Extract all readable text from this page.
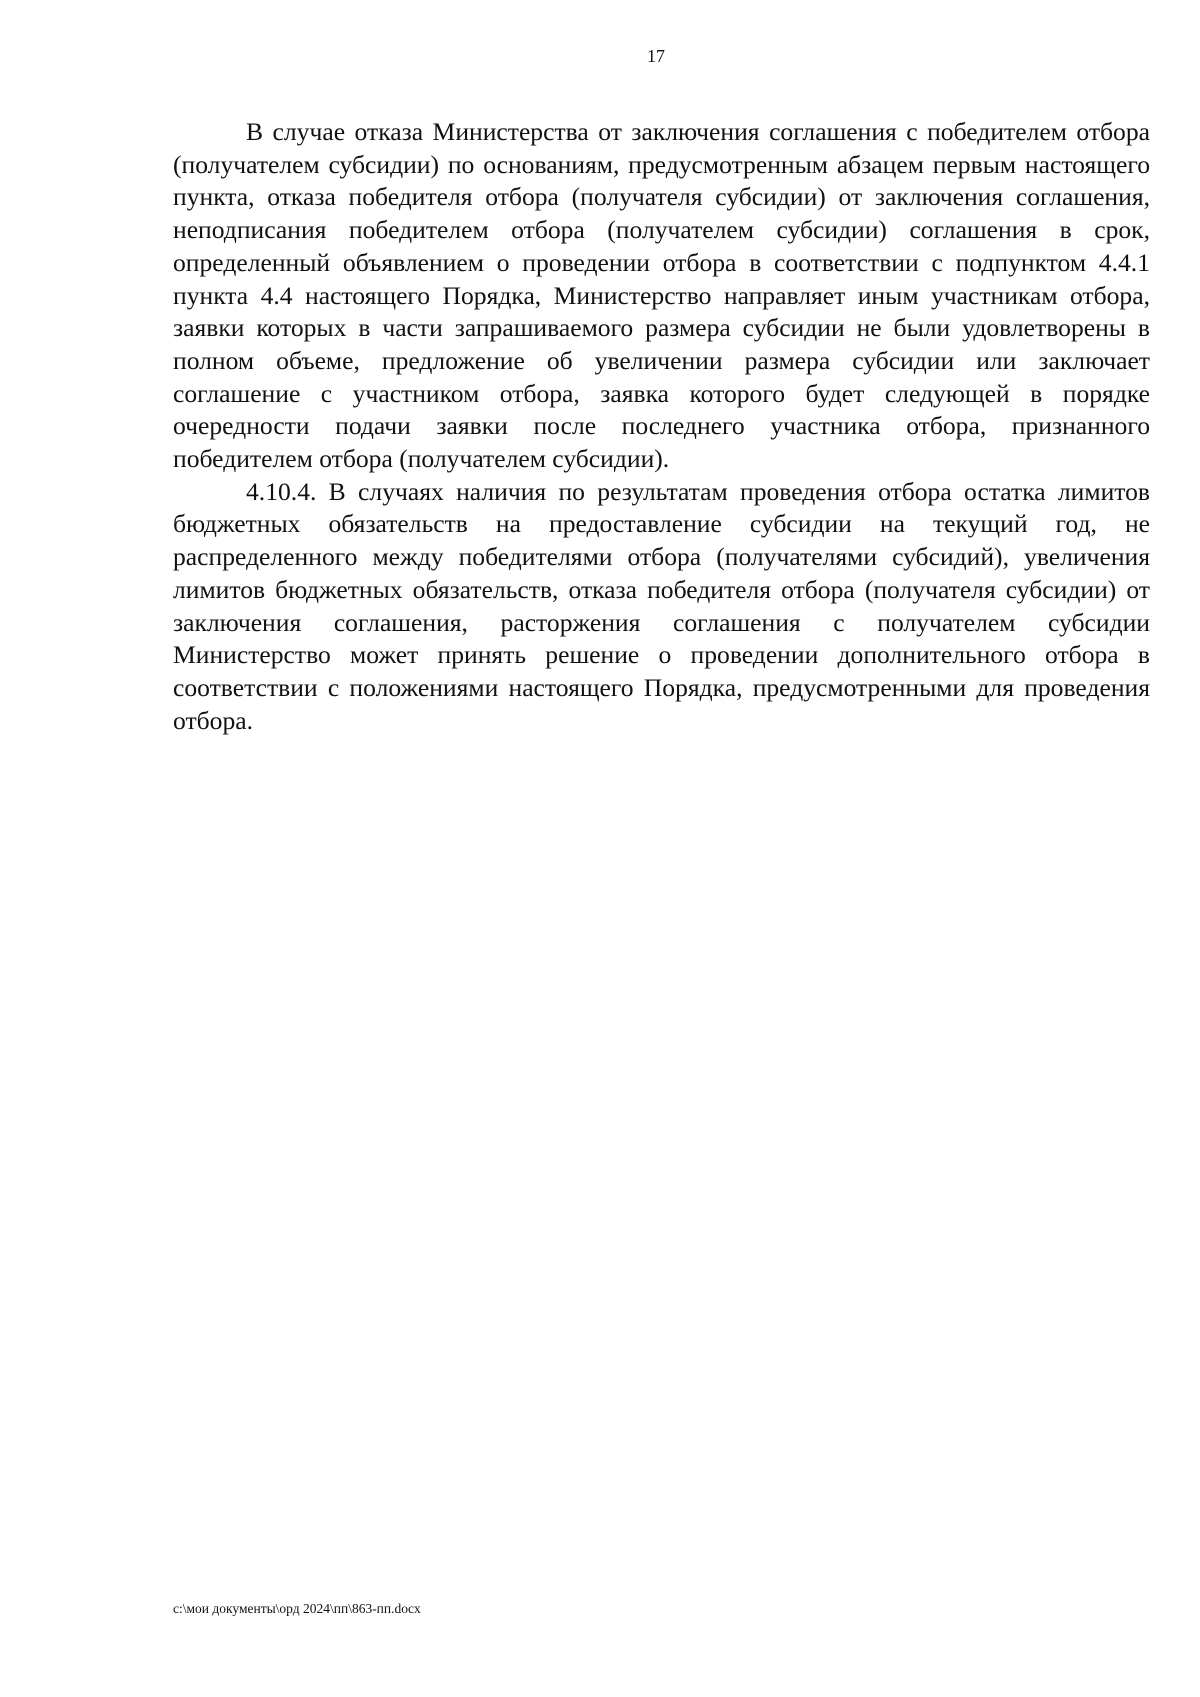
17

В случае отказа Министерства от заключения соглашения с победителем отбора (получателем субсидии) по основаниям, предусмотренным абзацем первым настоящего пункта, отказа победителя отбора (получателя субсидии) от заключения соглашения, неподписания победителем отбора (получателем субсидии) соглашения в срок, определенный объявлением о проведении отбора в соответствии с подпунктом 4.4.1 пункта 4.4 настоящего Порядка, Министерство направляет иным участникам отбора, заявки которых в части запрашиваемого размера субсидии не были удовлетворены в полном объеме, предложение об увеличении размера субсидии или заключает соглашение с участником отбора, заявка которого будет следующей в порядке очередности подачи заявки после последнего участника отбора, признанного победителем отбора (получателем субсидии).

4.10.4. В случаях наличия по результатам проведения отбора остатка лимитов бюджетных обязательств на предоставление субсидии на текущий год, не распределенного между победителями отбора (получателями субсидий), увеличения лимитов бюджетных обязательств, отказа победителя отбора (получателя субсидии) от заключения соглашения, расторжения соглашения с получателем субсидии Министерство может принять решение о проведении дополнительного отбора в соответствии с положениями настоящего Порядка, предусмотренными для проведения отбора.

c:\мои документы\орд 2024\пп\863-пп.docx
